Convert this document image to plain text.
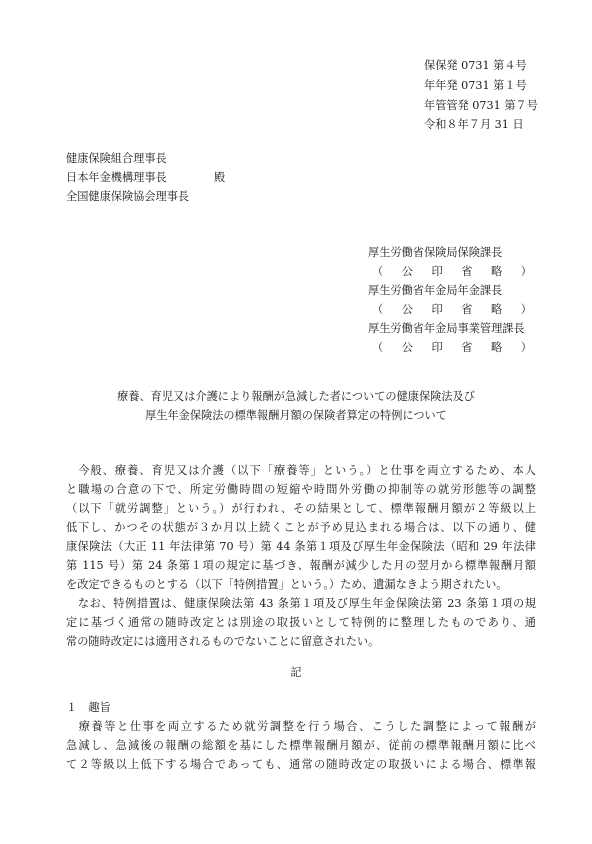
保保発 0731 第４号
年年発 0731 第１号
年管管発 0731 第７号
令和８年７月 31 日
健康保険組合理事長
日本年金機構理事長	殿
全国健康保険協会理事長
厚生労働省保険局保険課長
（ 公 印 省 略 ）
厚生労働省年金局年金課長
（ 公 印 省 略 ）
厚生労働省年金局事業管理課長
（ 公 印 省 略 ）
療養、育児又は介護により報酬が急減した者についての健康保険法及び
厚生年金保険法の標準報酬月額の保険者算定の特例について
　今般、療養、育児又は介護（以下「療養等」という。）と仕事を両立するため、本人
と職場の合意の下で、所定労働時間の短縮や時間外労働の抑制等の就労形態等の調整
（以下「就労調整」という。）が行われ、その結果として、標準報酬月額が２等級以上
低下し、かつその状態が３か月以上続くことが予め見込まれる場合は、以下の通り、健
康保険法（大正 11 年法律第 70 号）第 44 条第１項及び厚生年金保険法（昭和 29 年法律
第 115 号）第 24 条第１項の規定に基づき、報酬が減少した月の翌月から標準報酬月額
を改定できるものとする（以下「特例措置」という。）ため、遺漏なきよう期されたい。
　なお、特例措置は、健康保険法第 43 条第１項及び厚生年金保険法第 23 条第１項の規
定に基づく通常の随時改定とは別途の取扱いとして特例的に整理したものであり、通
常の随時改定には適用されるものでないことに留意されたい。
記
１　趣旨
　療養等と仕事を両立するため就労調整を行う場合、こうした調整によって報酬が
急減し、急減後の報酬の総額を基にした標準報酬月額が、従前の標準報酬月額に比べ
て２等級以上低下する場合であっても、通常の随時改定の取扱いによる場合、標準報
